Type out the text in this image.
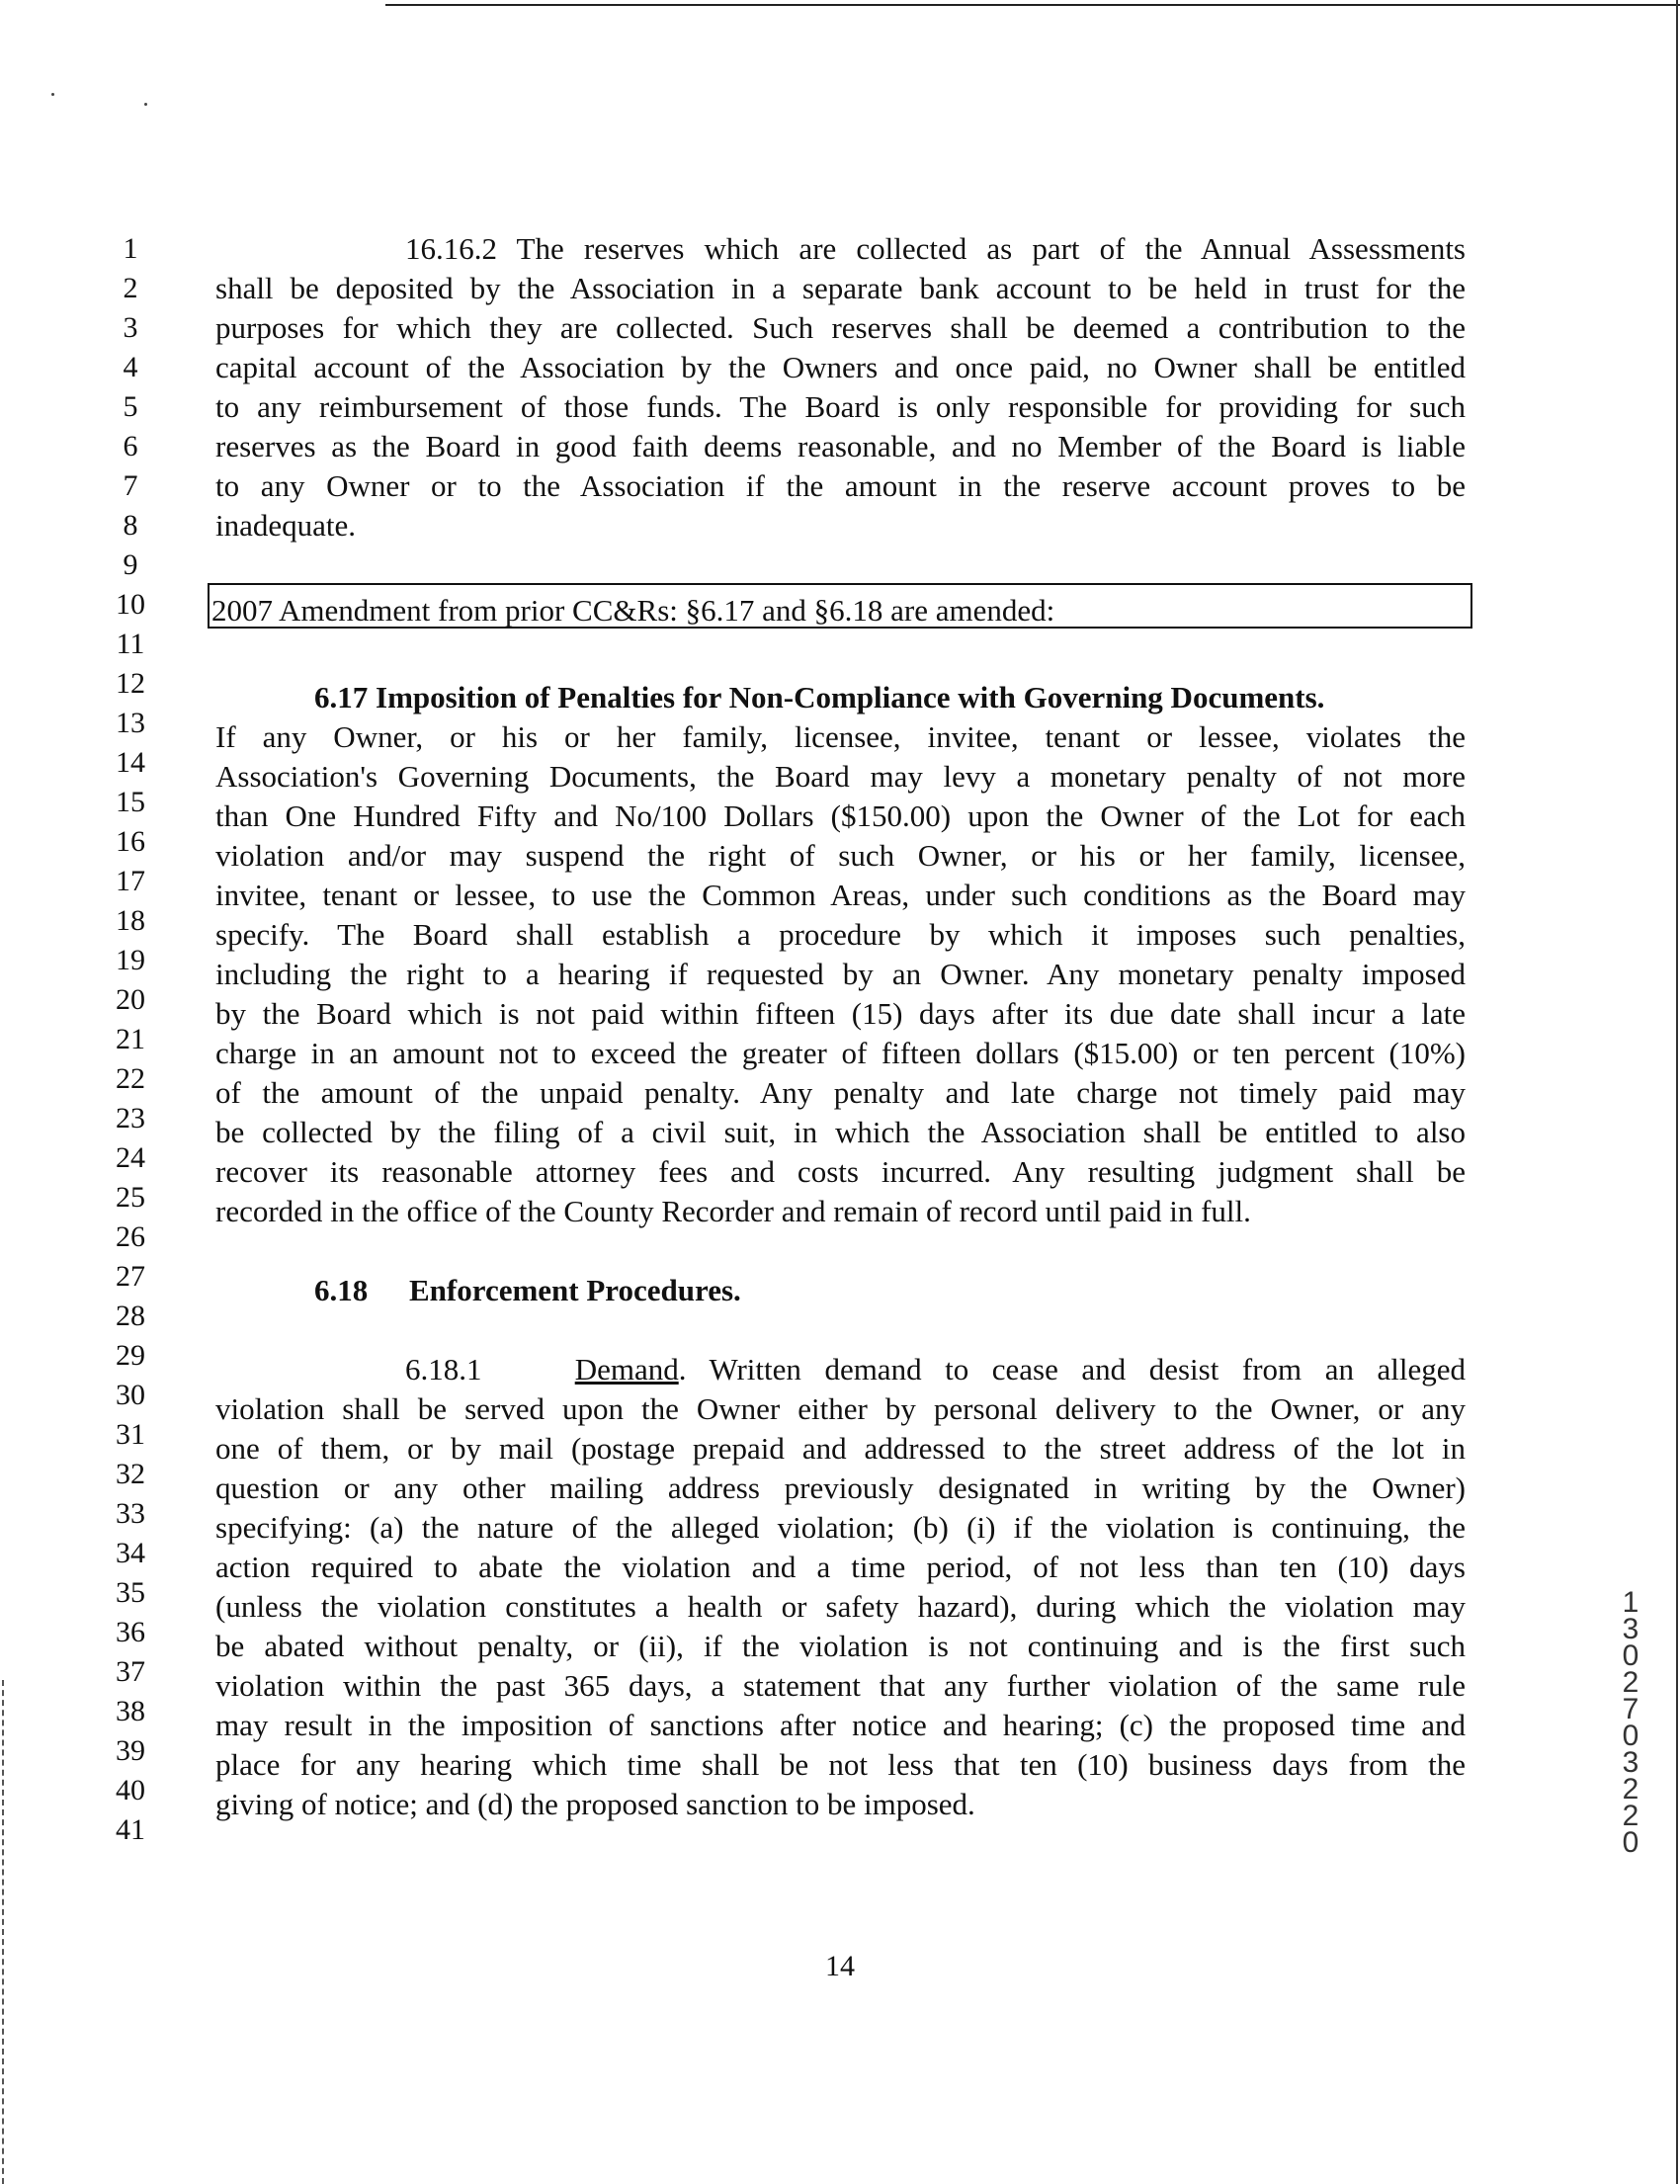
1
2
3
4
5
6
7
8
9
10
11
12
13
14
15
16
17
18
19
20
21
22
23
24
25
26
27
28
29
30
31
32
33
34
35
36
37
38
39
40
41
16.16.2 The reserves which are collected as part of the Annual Assessments
shall be deposited by the Association in a separate bank account to be held in trust for the
purposes for which they are collected. Such reserves shall be deemed a contribution to the
capital account of the Association by the Owners and once paid, no Owner shall be entitled
to any reimbursement of those funds. The Board is only responsible for providing for such
reserves as the Board in good faith deems reasonable, and no Member of the Board is liable
to any Owner or to the Association if the amount in the reserve account proves to be
inadequate.
2007 Amendment from prior CC&Rs: §6.17 and §6.18 are amended:
6.17 Imposition of Penalties for Non-Compliance with Governing Documents.
If any Owner, or his or her family, licensee, invitee, tenant or lessee, violates the
Association's Governing Documents, the Board may levy a monetary penalty of not more
than One Hundred Fifty and No/100 Dollars ($150.00) upon the Owner of the Lot for each
violation and/or may suspend the right of such Owner, or his or her family, licensee,
invitee, tenant or lessee, to use the Common Areas, under such conditions as the Board may
specify. The Board shall establish a procedure by which it imposes such penalties,
including the right to a hearing if requested by an Owner. Any monetary penalty imposed
by the Board which is not paid within fifteen (15) days after its due date shall incur a late
charge in an amount not to exceed the greater of fifteen dollars ($15.00) or ten percent (10%)
of the amount of the unpaid penalty. Any penalty and late charge not timely paid may
be collected by the filing of a civil suit, in which the Association shall be entitled to also
recover its reasonable attorney fees and costs incurred. Any resulting judgment shall be
recorded in the office of the County Recorder and remain of record until paid in full.
6.18 Enforcement Procedures.
6.18.1	Demand. Written demand to cease and desist from an alleged
violation shall be served upon the Owner either by personal delivery to the Owner, or any
one of them, or by mail (postage prepaid and addressed to the street address of the lot in
question or any other mailing address previously designated in writing by the Owner)
specifying: (a) the nature of the alleged violation; (b) (i) if the violation is continuing, the
action required to abate the violation and a time period, of not less than ten (10) days
(unless the violation constitutes a health or safety hazard), during which the violation may
be abated without penalty, or (ii), if the violation is not continuing and is the first such
violation within the past 365 days, a statement that any further violation of the same rule
may result in the imposition of sanctions after notice and hearing; (c) the proposed time and
place for any hearing which time shall be not less that ten (10) business days from the
giving of notice; and (d) the proposed sanction to be imposed.
14
13027 03220
